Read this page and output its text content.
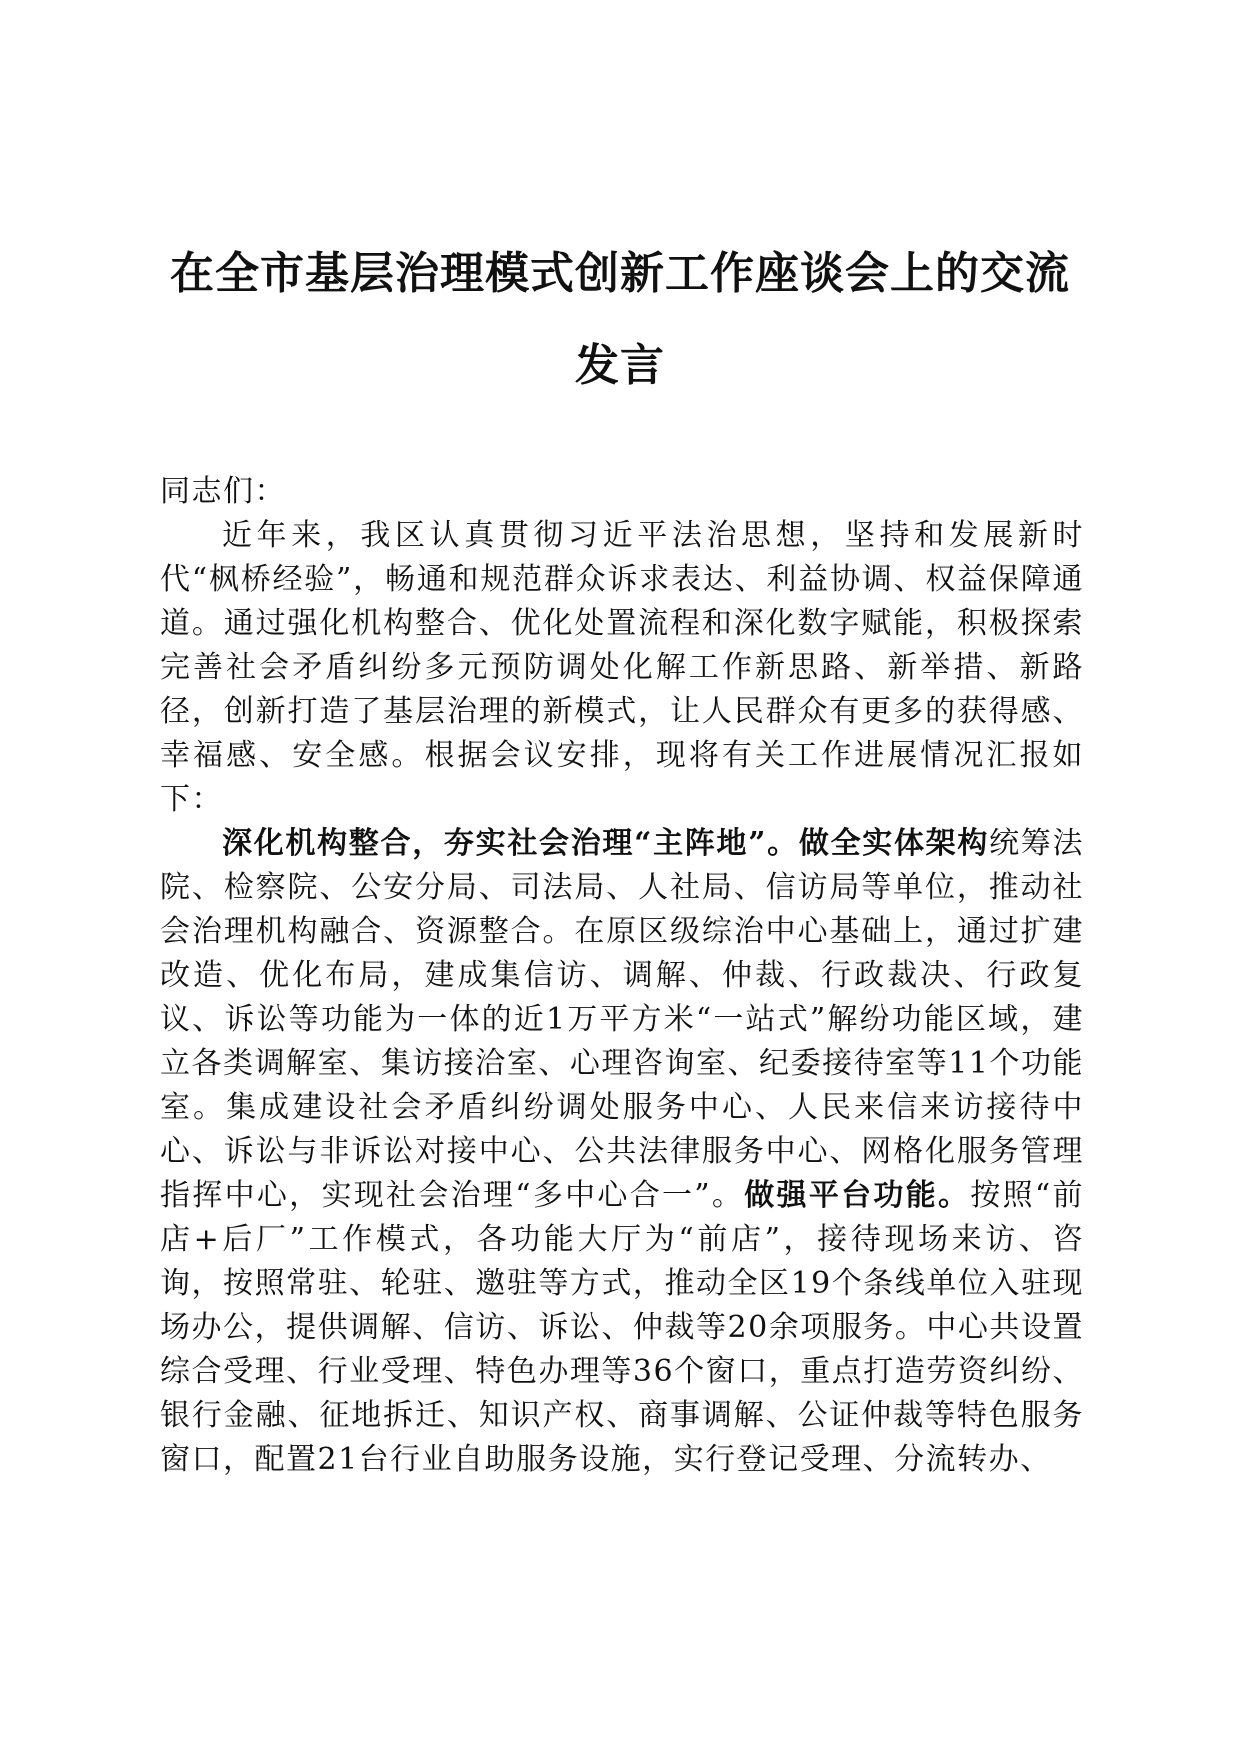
在全市基层治理模式创新工作座谈会上的交流发言

同志们：

近年来，我区认真贯彻习近平法治思想，坚持和发展新时代“枫桥经验”，畅通和规范群众诉求表达、利益协调、权益保障通道。通过强化机构整合、优化处置流程和深化数字赋能，积极探索完善社会矛盾纠纷多元预防调处化解工作新思路、新举措、新路径，创新打造了基层治理的新模式，让人民群众有更多的获得感、幸福感、安全感。根据会议安排，现将有关工作进展情况汇报如下：

深化机构整合，夯实社会治理“主阵地”。做全实体架构统筹法院、检察院、公安分局、司法局、人社局、信访局等单位，推动社会治理机构融合、资源整合。在原区级综治中心基础上，通过扩建改造、优化布局，建成集信访、调解、仲裁、行政裁决、行政复议、诉讼等功能为一体的近1万平方米“一站式”解纷功能区域，建立各类调解室、集访接洽室、心理咨询室、纪委接待室等11个功能室。集成建设社会矛盾纠纷调处服务中心、人民来信来访接待中心、诉讼与非诉讼对接中心、公共法律服务中心、网格化服务管理指挥中心，实现社会治理“多中心合一”。做强平台功能。按照“前店+后厂”工作模式，各功能大厅为“前店”，接待现场来访、咨询，按照常驻、轮驻、邀驻等方式，推动全区19个条线单位入驻现场办公，提供调解、信访、诉讼、仲裁等20余项服务。中心共设置综合受理、行业受理、特色办理等36个窗口，重点打造劳资纠纷、银行金融、征地拆迁、知识产权、商事调解、公证仲裁等特色服务窗口，配置21台行业自助服务设施，实行登记受理、分流转办、
